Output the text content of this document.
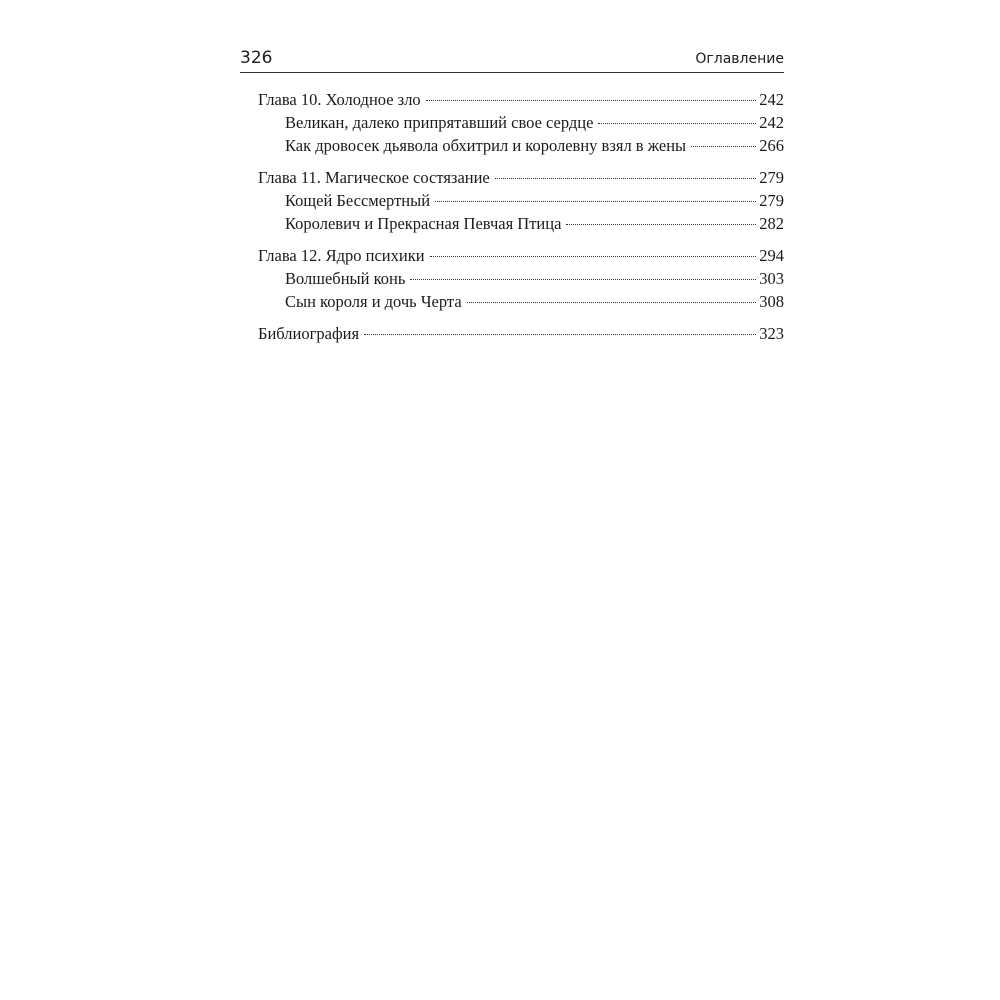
326	Оглавление
Глава 10. Холодное зло	242
Великан, далеко припрятавший свое сердце	242
Как дровосек дьявола обхитрил и королевну взял в жены	266
Глава 11. Магическое состязание	279
Кощей Бессмертный	279
Королевич и Прекрасная Певчая Птица	282
Глава 12. Ядро психики	294
Волшебный конь	303
Сын короля и дочь Черта	308
Библиография	323
